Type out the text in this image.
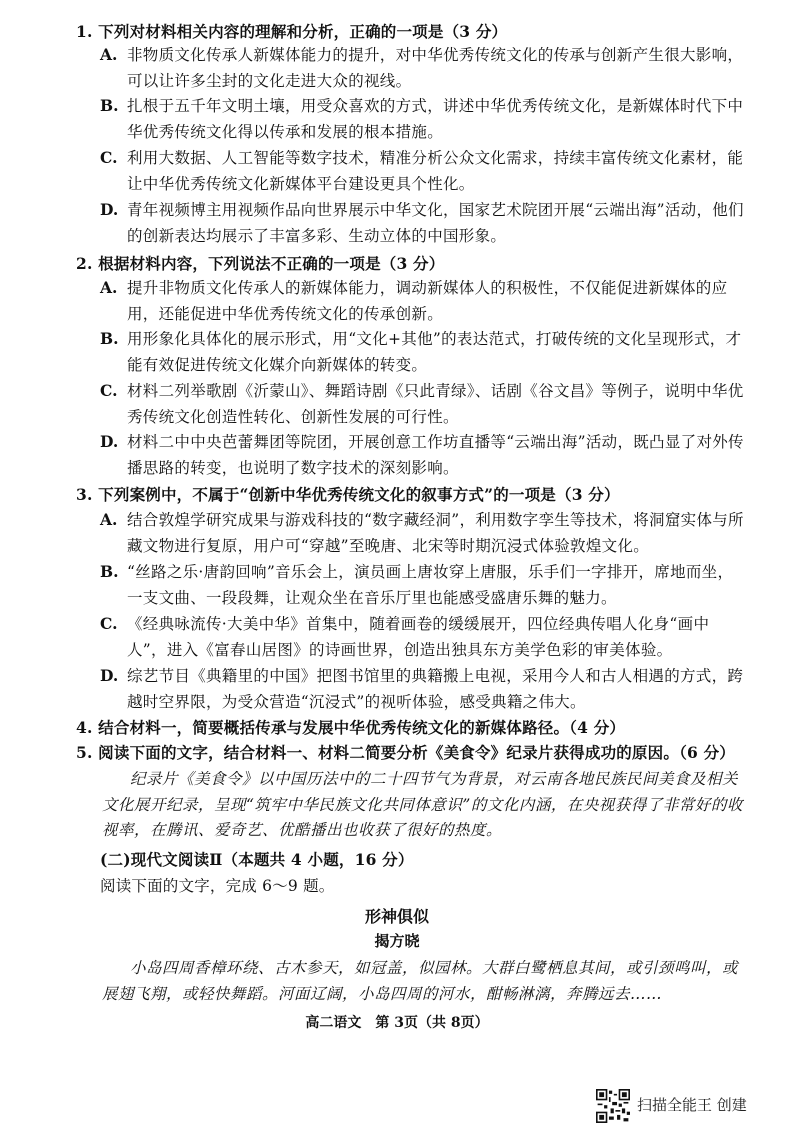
1. 下列对材料相关内容的理解和分析，正确的一项是（3 分）
A. 非物质文化传承人新媒体能力的提升，对中华优秀传统文化的传承与创新产生很大影响，可以让许多尘封的文化走进大众的视线。
B. 扎根于五千年文明土壤，用受众喜欢的方式，讲述中华优秀传统文化，是新媒体时代下中华优秀传统文化得以传承和发展的根本措施。
C. 利用大数据、人工智能等数字技术，精准分析公众文化需求，持续丰富传统文化素材，能让中华优秀传统文化新媒体平台建设更具个性化。
D. 青年视频博主用视频作品向世界展示中华文化，国家艺术院团开展“云端出海”活动，他们的创新表达均展示了丰富多彩、生动立体的中国形象。
2. 根据材料内容，下列说法不正确的一项是（3 分）
A. 提升非物质文化传承人的新媒体能力，调动新媒体人的积极性，不仅能促进新媒体的应用，还能促进中华优秀传统文化的传承创新。
B. 用形象化具体化的展示形式，用“文化+其他”的表达范式，打破传统的文化呈现形式，才能有效促进传统文化媒介向新媒体的转变。
C. 材料二列举歌剧《沂蒙山》、舞蹈诗剧《只此青绿》、话剧《谷文昌》等例子，说明中华优秀传统文化创造性转化、创新性发展的可行性。
D. 材料二中中央芭蕾舞团等院团，开展创意工作坊直播等“云端出海”活动，既凸显了对外传播思路的转变，也说明了数字技术的深刻影响。
3. 下列案例中，不属于“创新中华优秀传统文化的叙事方式”的一项是（3 分）
A. 结合敦煌学研究成果与游戏科技的“数字藏经洞”，利用数字孪生等技术，将洞窟实体与所藏文物进行复原，用户可“穿越”至晚唐、北宋等时期沉浸式体验敦煌文化。
B. “丝路之乐·唐韵回响”音乐会上，演员画上唐妆穿上唐服，乐手们一字排开，席地而坐，一支文曲、一段段舞，让观众坐在音乐厅里也能感受盛唐乐舞的魅力。
C. 《经典咏流传·大美中华》首集中，随着画卷的缓缓展开，四位经典传唱人化身“画中人”，进入《富春山居图》的诗画世界，创造出独具东方美学色彩的审美体验。
D. 综艺节目《典籍里的中国》把图书馆里的典籍搬上电视，采用今人和古人相遇的方式，跨越时空界限，为受众营造“沉浸式”的视听体验，感受典籍之伟大。
4. 结合材料一，简要概括传承与发展中华优秀传统文化的新媒体路径。（4 分）
5. 阅读下面的文字，结合材料一、材料二简要分析《美食令》纪录片获得成功的原因。（6 分）
纪录片《美食令》以中国历法中的二十四节气为背景，对云南各地民族民间美食及相关文化展开纪录，呈现“筑牢中华民族文化共同体意识”的文化内涵，在央视获得了非常好的收视率，在腾讯、爱奇艺、优酷播出也收获了很好的热度。
(二)现代文阅读Ⅱ（本题共 4 小题，16 分）
阅读下面的文字，完成 6～9 题。
形神俱似
揭方晓
小岛四周香樟环绕、古木参天，如冠盖，似园林。大群白鹭栖息其间，或引颈鸣叫，或展翅飞翔，或轻快舞蹈。河面辽阔，小岛四周的河水，酣畅淋漓，奔腾远去……
高二语文　第 3页（共 8页）
扫描全能王 创建
